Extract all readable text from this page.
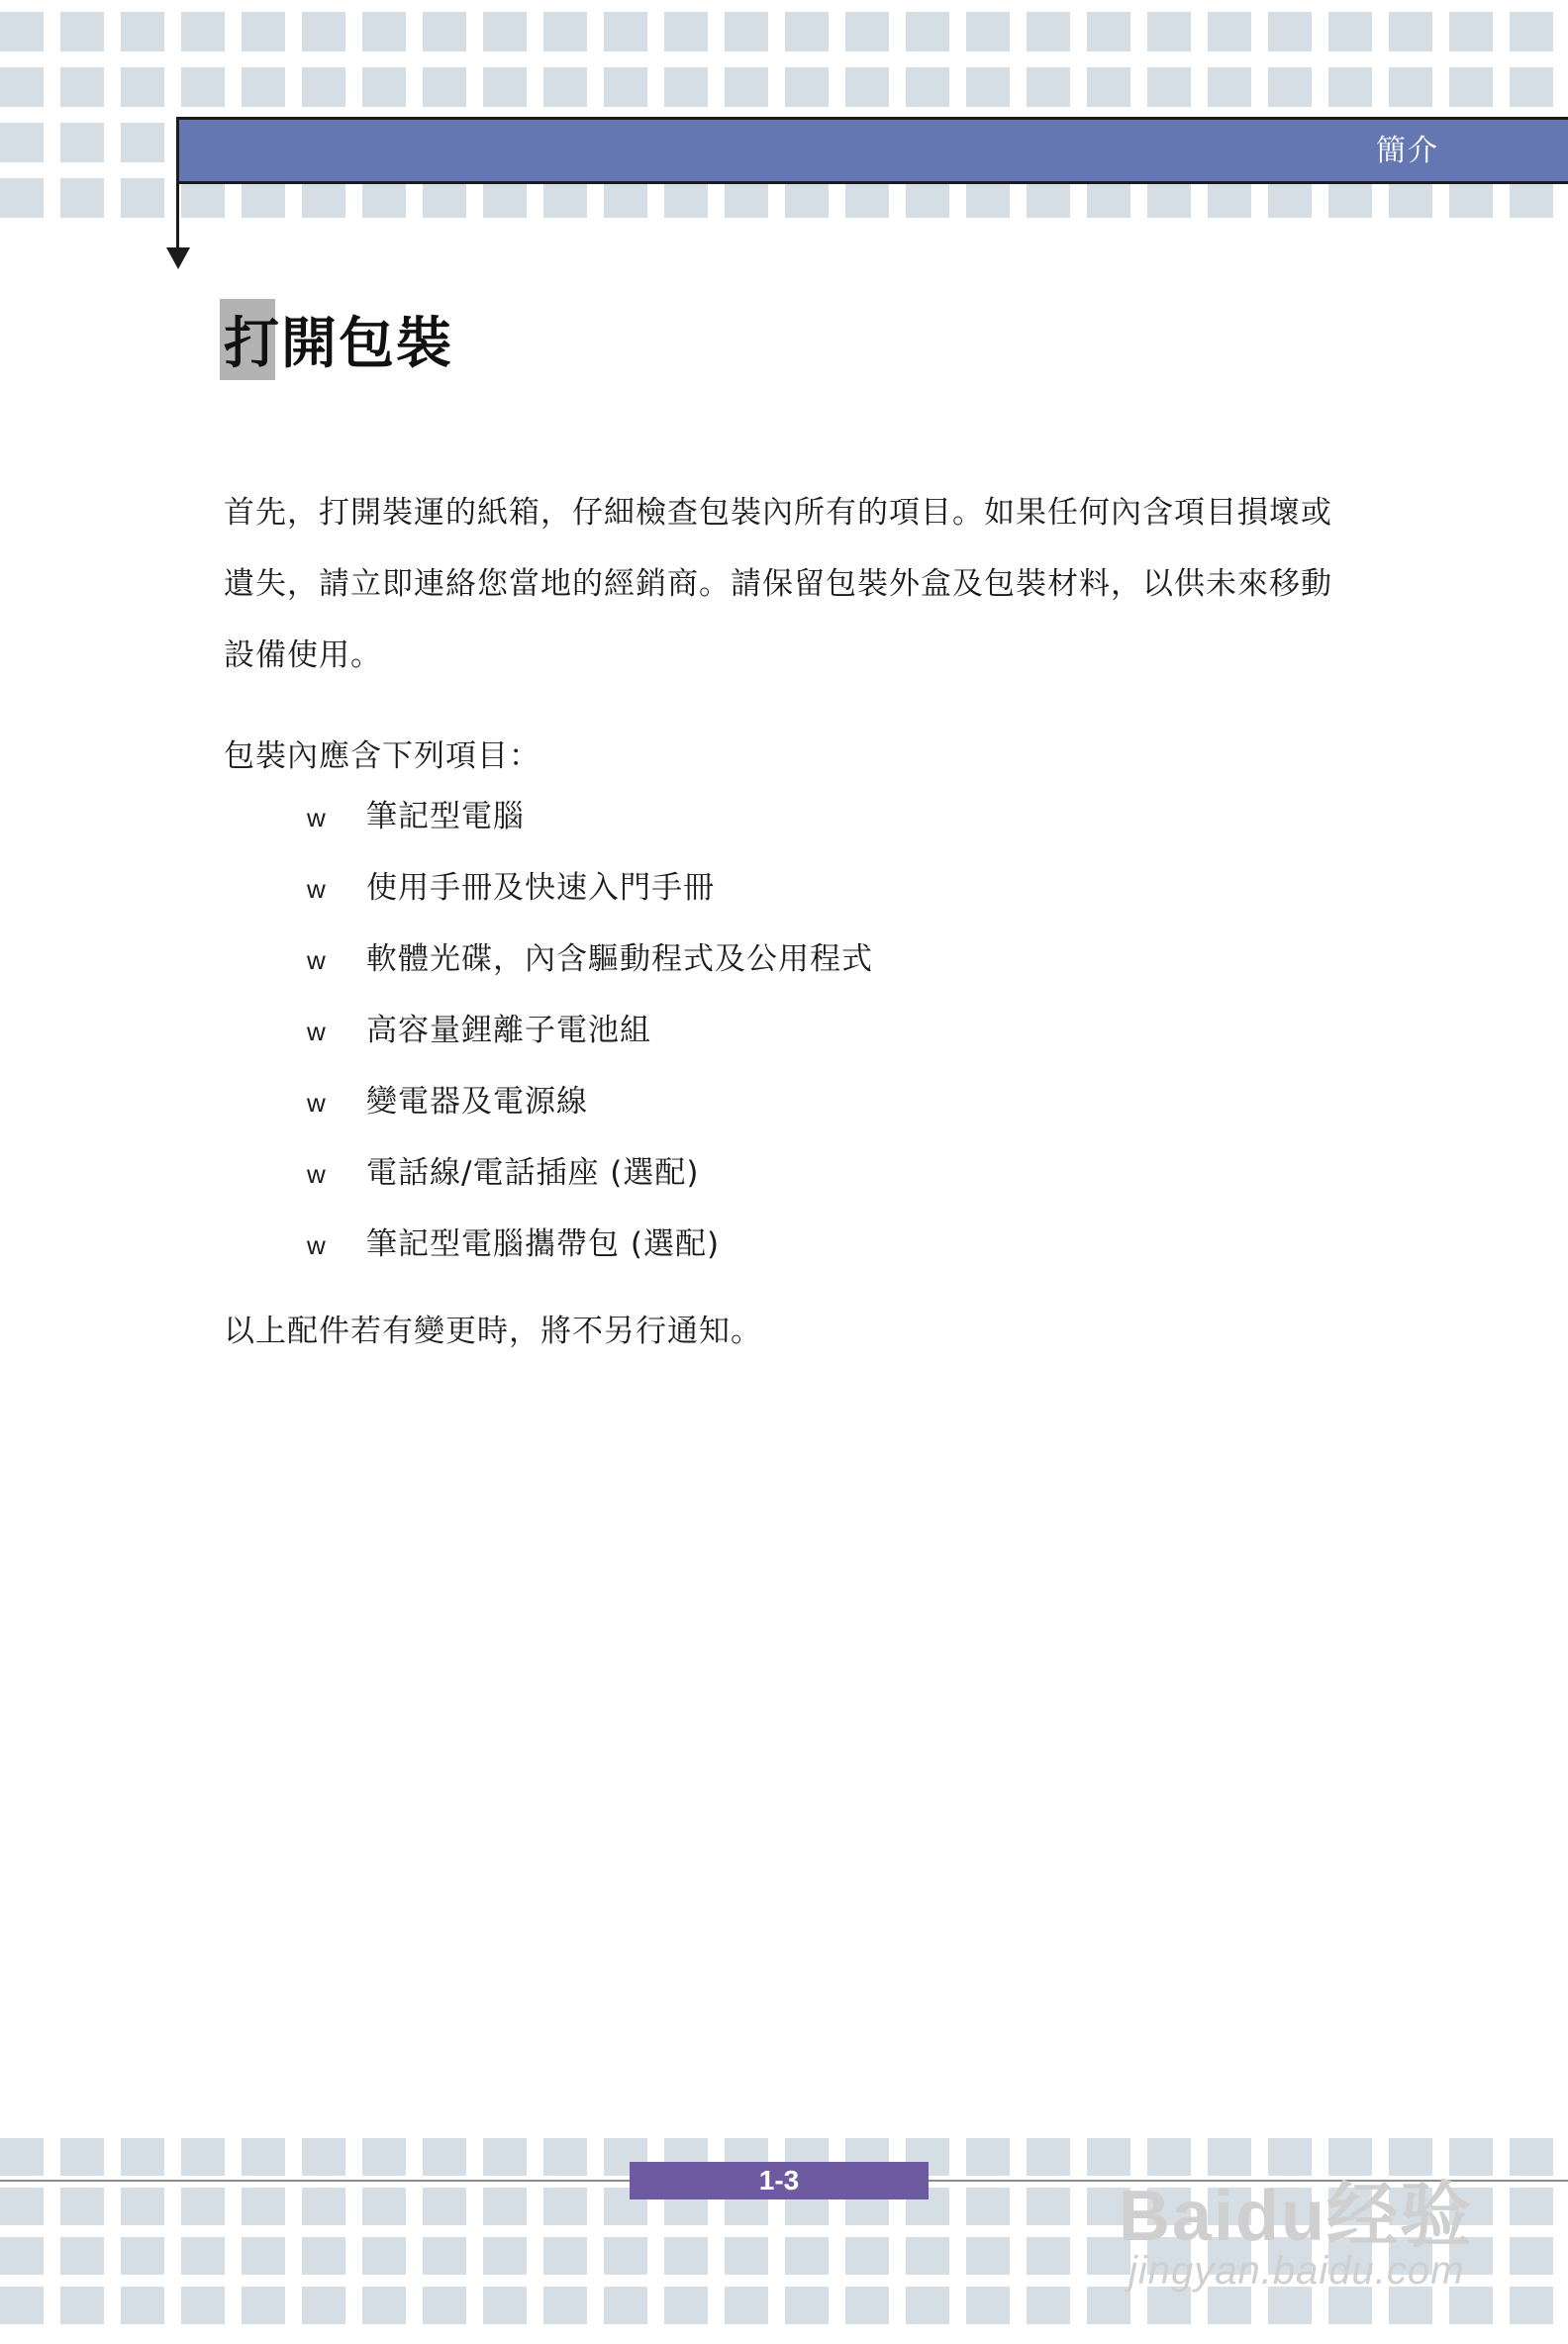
簡介
打開包裝
首先，打開裝運的紙箱，仔細檢查包裝內所有的項目。如果任何內含項目損壞或
遺失，請立即連絡您當地的經銷商。請保留包裝外盒及包裝材料，以供未來移動
設備使用。
包裝內應含下列項目：
w 筆記型電腦
w 使用手冊及快速入門手冊
w 軟體光碟，內含驅動程式及公用程式
w 高容量鋰離子電池組
w 變電器及電源線
w 電話線/電話插座 (選配)
w 筆記型電腦攜帶包 (選配)
以上配件若有變更時，將不另行通知。
1-3	Baidu经验
jingyan.baidu.com
